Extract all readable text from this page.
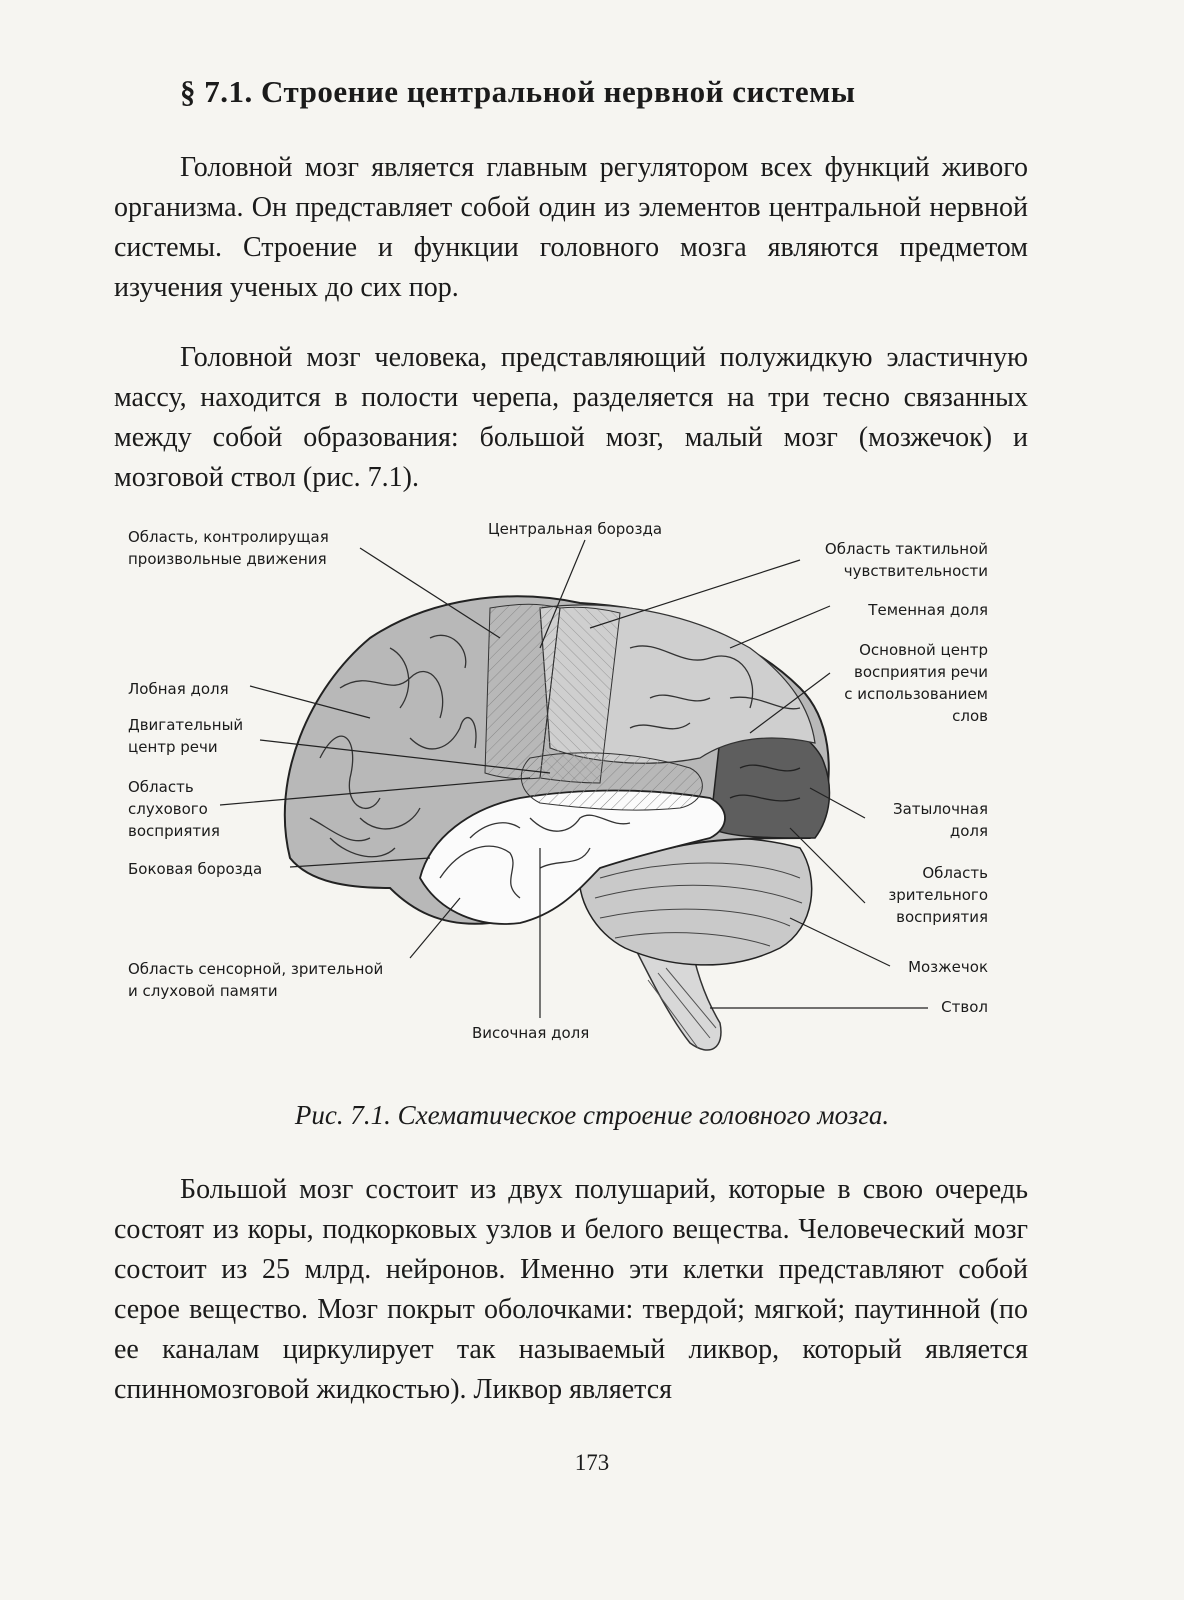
§ 7.1. Строение центральной нервной системы

Головной мозг является главным регулятором всех функций живого организма. Он представляет собой один из элементов центральной нервной системы. Строение и функции головного мозга являются предметом изучения ученых до сих пор.

Головной мозг человека, представляющий полужидкую эластичную массу, находится в полости черепа, разделяется на три тесно связанных между собой образования: большой мозг, малый мозг (мозжечок) и мозговой ствол (рис. 7.1).

Область, контролирущая
произвольные движения
Центральная борозда
Область тактильной
чувствительности
Теменная доля
Основной центр
восприятия речи
с использованием
слов
Лобная доля
Двигательный
центр речи
Область
слухового
восприятия
Боковая борозда
Затылочная
доля
Область
зрительного
восприятия
Область сенсорной, зрительной
и слуховой памяти
Мозжечок
Ствол
Височная доля
Рис. 7.1. Схематическое строение головного мозга.

Большой мозг состоит из двух полушарий, которые в свою очередь состоят из коры, подкорковых узлов и белого вещества. Человеческий мозг состоит из 25 млрд. нейронов. Именно эти клетки представляют собой серое вещество. Мозг покрыт оболочками: твердой; мягкой; паутинной (по ее каналам циркулирует так называемый ликвор, который является спинномозговой жидкостью). Ликвор является

173
